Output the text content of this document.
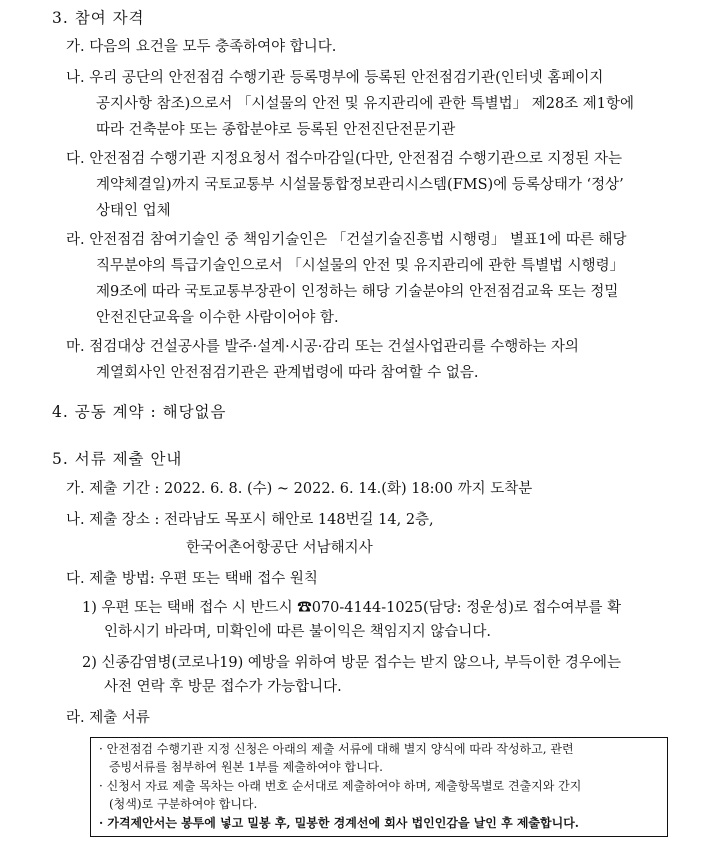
3. 참여 자격
가. 다음의 요건을 모두 충족하여야 합니다.
나. 우리 공단의 안전점검 수행기관 등록명부에 등록된 안전점검기관(인터넷 홈페이지
공지사항 참조)으로서 「시설물의 안전 및 유지관리에 관한 특별법」 제28조 제1항에
따라 건축분야 또는 종합분야로 등록된 안전진단전문기관
다. 안전점검 수행기관 지정요청서 접수마감일(다만, 안전점검 수행기관으로 지정된 자는
계약체결일)까지 국토교통부 시설물통합정보관리시스템(FMS)에 등록상태가 ‘정상’
상태인 업체
라. 안전점검 참여기술인 중 책임기술인은 「건설기술진흥법 시행령」 별표1에 따른 해당
직무분야의 특급기술인으로서 「시설물의 안전 및 유지관리에 관한 특별법 시행령」
제9조에 따라 국토교통부장관이 인정하는 해당 기술분야의 안전점검교육 또는 정밀
안전진단교육을 이수한 사람이어야 함.
마. 점검대상 건설공사를 발주·설계·시공·감리 또는 건설사업관리를 수행하는 자의
계열회사인 안전점검기관은 관계법령에 따라 참여할 수 없음.
4. 공동 계약 : 해당없음
5. 서류 제출 안내
가. 제출 기간 : 2022. 6. 8. (수) ~ 2022. 6. 14.(화) 18:00 까지 도착분
나. 제출 장소 : 전라남도 목포시 해안로 148번길 14, 2층,
한국어촌어항공단 서남해지사
다. 제출 방법: 우편 또는 택배 접수 원칙
1) 우편 또는 택배 접수 시 반드시 ☎070-4144-1025(담당: 정운성)로 접수여부를 확
인하시기 바라며, 미확인에 따른 불이익은 책임지지 않습니다.
2) 신종감염병(코로나19) 예방을 위하여 방문 접수는 받지 않으나, 부득이한 경우에는
사전 연락 후 방문 접수가 가능합니다.
라. 제출 서류
· 안전점검 수행기관 지정 신청은 아래의 제출 서류에 대해 별지 양식에 따라 작성하고, 관련
증빙서류를 첨부하여 원본 1부를 제출하여야 합니다.
· 신청서 자료 제출 목차는 아래 번호 순서대로 제출하여야 하며, 제출항목별로 견출지와 간지
(청색)로 구분하여야 합니다.
· 가격제안서는 봉투에 넣고 밀봉 후, 밀봉한 경계선에 회사 법인인감을 날인 후 제출합니다.
